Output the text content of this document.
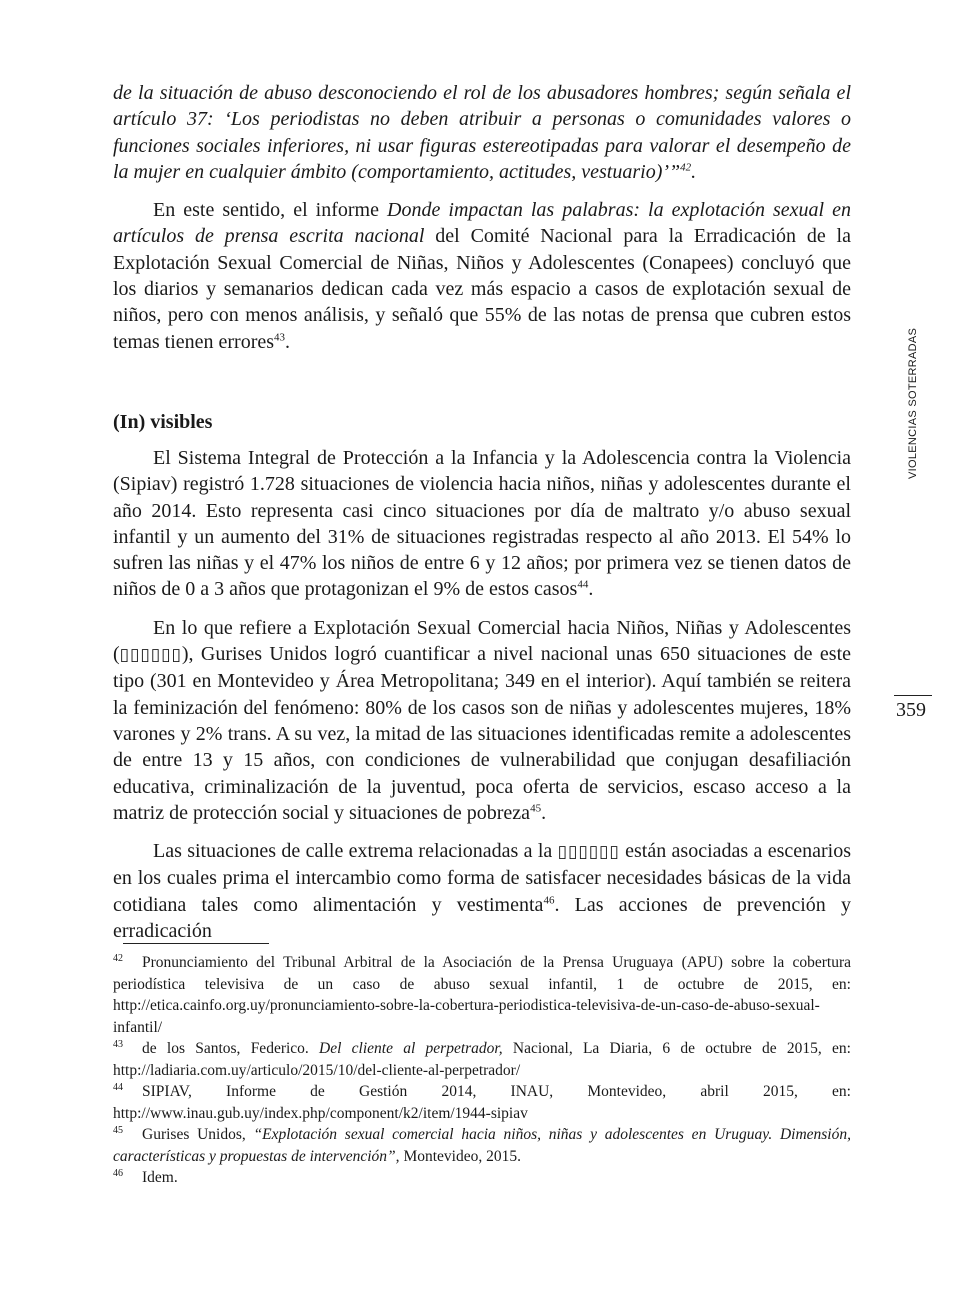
de la situación de abuso desconociendo el rol de los abusadores hombres; según señala el artículo 37: ‘Los periodistas no deben atribuir a personas o comunidades valores o funciones sociales inferiores, ni usar figuras estereotipadas para valorar el desempeño de la mujer en cualquier ámbito (comportamiento, actitudes, vestuario)’”$^{42}$.

En este sentido, el informe Donde impactan las palabras: la explotación sexual en artículos de prensa escrita nacional del Comité Nacional para la Erradicación de la Explotación Sexual Comercial de Niñas, Niños y Adolescentes (Conapees) concluyó que los diarios y semanarios dedican cada vez más espacio a casos de explotación sexual de niños, pero con menos análisis, y señaló que 55% de las notas de prensa que cubren estos temas tienen errores$^{43}$.

(In) visibles

El Sistema Integral de Protección a la Infancia y la Adolescencia contra la Violencia (Sipiav) registró 1.728 situaciones de violencia hacia niños, niñas y adolescentes durante el año 2014. Esto representa casi cinco situaciones por día de maltrato y/o abuso sexual infantil y un aumento del 31% de situaciones registradas respecto al año 2013. El 54% lo sufren las niñas y el 47% los niños de entre 6 y 12 años; por primera vez se tienen datos de niños de 0 a 3 años que protagonizan el 9% de estos casos$^{44}$.

En lo que refiere a Explotación Sexual Comercial hacia Niños, Niñas y Adolescentes (▯▯▯▯▯▯), Gurises Unidos logró cuantificar a nivel nacional unas 650 situaciones de este tipo (301 en Montevideo y Área Metropolitana; 349 en el interior). Aquí también se reitera la feminización del fenómeno: 80% de los casos son de niñas y adolescentes mujeres, 18% varones y 2% trans. A su vez, la mitad de las situaciones identificadas remite a adolescentes de entre 13 y 15 años, con condiciones de vulnerabilidad que conjugan desafiliación educativa, criminalización de la juventud, poca oferta de servicios, escaso acceso a la matriz de protección social y situaciones de pobreza$^{45}$.

Las situaciones de calle extrema relacionadas a la ▯▯▯▯▯▯ están asociadas a escenarios en los cuales prima el intercambio como forma de satisfacer necesidades básicas de la vida cotidiana tales como alimentación y vestimenta$^{46}$. Las acciones de prevención y erradicación

VIOLENCIAS SOTERRADAS
359

42 Pronunciamiento del Tribunal Arbitral de la Asociación de la Prensa Uruguaya (APU) sobre la cobertura periodística televisiva de un caso de abuso sexual infantil, 1 de octubre de 2015, en: http://etica.cainfo.org.uy/pronunciamiento-sobre-la-cobertura-periodistica-televisiva-de-un-caso-de-abuso-sexual-infantil/

43 de los Santos, Federico. Del cliente al perpetrador, Nacional, La Diaria, 6 de octubre de 2015, en: http://ladiaria.com.uy/articulo/2015/10/del-cliente-al-perpetrador/

44 SIPIAV, Informe de Gestión 2014, INAU, Montevideo, abril 2015, en: http://www.inau.gub.uy/index.php/component/k2/item/1944-sipiav

45 Gurises Unidos, “Explotación sexual comercial hacia niños, niñas y adolescentes en Uruguay. Dimensión, características y propuestas de intervención”, Montevideo, 2015.

46 Idem.
